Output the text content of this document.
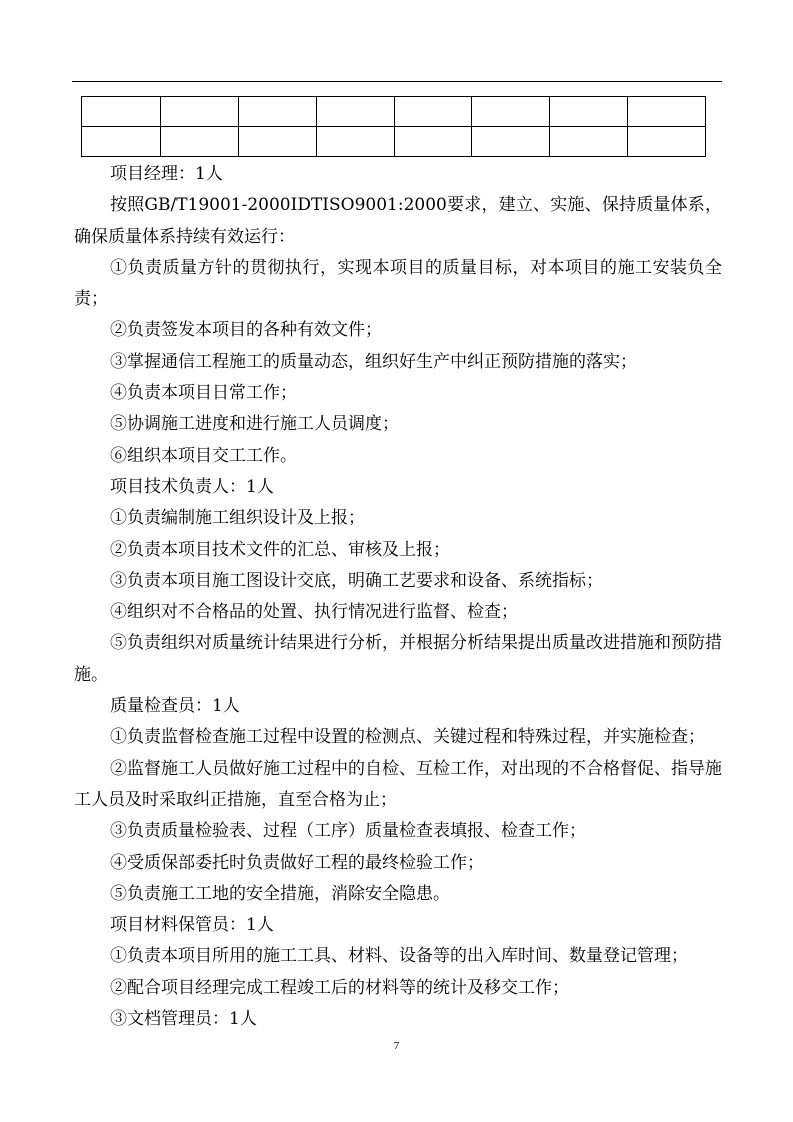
项目经理：1人

按照GB/T19001-2000IDTISO9001:2000要求，建立、实施、保持质量体系，确保质量体系持续有效运行：

①负责质量方针的贯彻执行，实现本项目的质量目标，对本项目的施工安装负全责；

②负责签发本项目的各种有效文件；

③掌握通信工程施工的质量动态，组织好生产中纠正预防措施的落实；

④负责本项目日常工作；

⑤协调施工进度和进行施工人员调度；

⑥组织本项目交工工作。

项目技术负责人：1人

①负责编制施工组织设计及上报；

②负责本项目技术文件的汇总、审核及上报；

③负责本项目施工图设计交底，明确工艺要求和设备、系统指标；

④组织对不合格品的处置、执行情况进行监督、检查；

⑤负责组织对质量统计结果进行分析，并根据分析结果提出质量改进措施和预防措施。

质量检查员：1人

①负责监督检查施工过程中设置的检测点、关键过程和特殊过程，并实施检查；

②监督施工人员做好施工过程中的自检、互检工作，对出现的不合格督促、指导施工人员及时采取纠正措施，直至合格为止；

③负责质量检验表、过程（工序）质量检查表填报、检查工作；

④受质保部委托时负责做好工程的最终检验工作；

⑤负责施工工地的安全措施，消除安全隐患。

项目材料保管员：1人

①负责本项目所用的施工工具、材料、设备等的出入库时间、数量登记管理；

②配合项目经理完成工程竣工后的材料等的统计及移交工作；

③文档管理员：1人

7
